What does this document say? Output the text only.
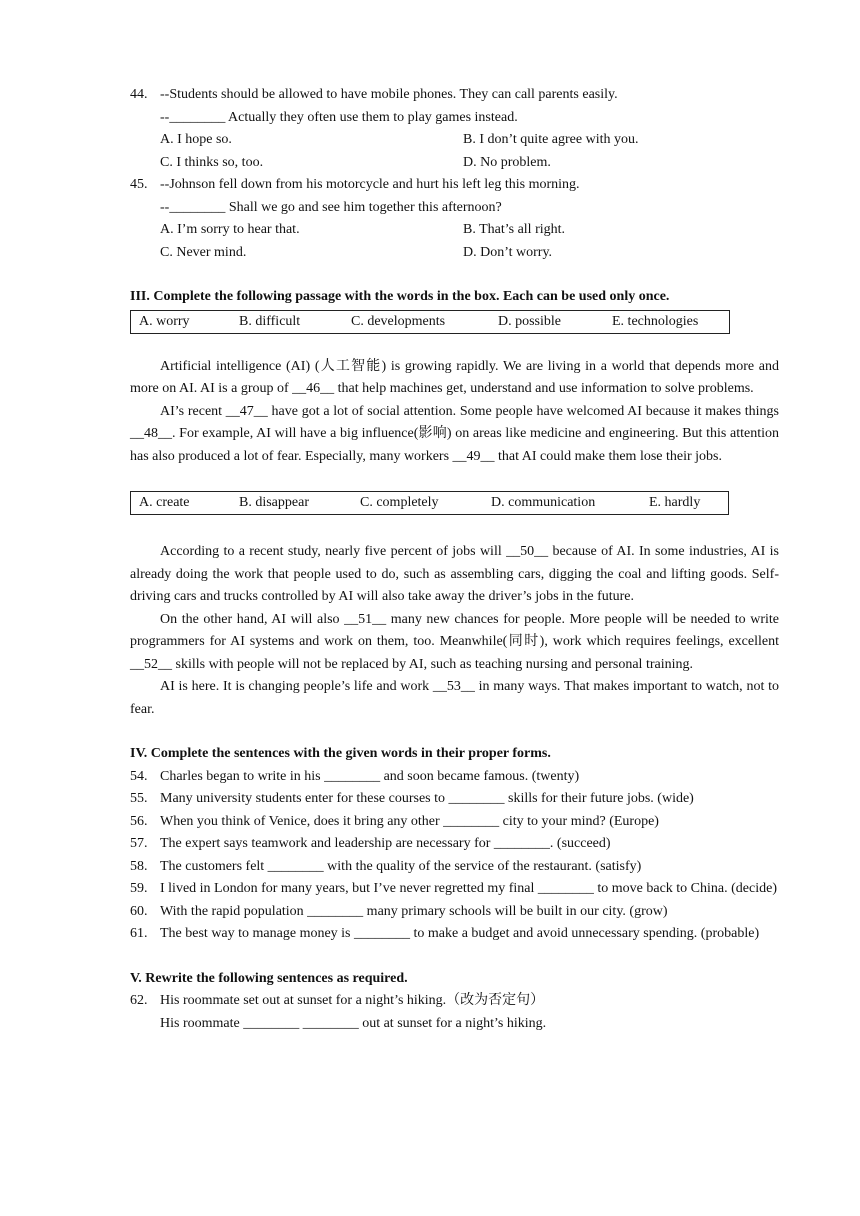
44. --Students should be allowed to have mobile phones. They can call parents easily.
--________ Actually they often use them to play games instead.
A. I hope so.	B. I don’t quite agree with you.
C. I thinks so, too.	D. No problem.
45. --Johnson fell down from his motorcycle and hurt his left leg this morning.
--________ Shall we go and see him together this afternoon?
A. I’m sorry to hear that.	B. That’s all right.
C. Never mind.	D. Don’t worry.
III. Complete the following passage with the words in the box. Each can be used only once.
A. worry	B. difficult	C. developments	D. possible	E. technologies
Artificial intelligence (AI) (人工智能) is growing rapidly. We are living in a world that depends more and more on AI. AI is a group of __46__ that help machines get, understand and use information to solve problems.
AI’s recent __47__ have got a lot of social attention. Some people have welcomed AI because it makes things __48__. For example, AI will have a big influence(影响) on areas like medicine and engineering. But this attention has also produced a lot of fear. Especially, many workers __49__ that AI could make them lose their jobs.
A. create	B. disappear	C. completely	D. communication	E. hardly
According to a recent study, nearly five percent of jobs will __50__ because of AI. In some industries, AI is already doing the work that people used to do, such as assembling cars, digging the coal and lifting goods. Self-driving cars and trucks controlled by AI will also take away the driver’s jobs in the future.
On the other hand, AI will also __51__ many new chances for people. More people will be needed to write programmers for AI systems and work on them, too. Meanwhile(同时), work which requires feelings, excellent __52__ skills with people will not be replaced by AI, such as teaching nursing and personal training.
AI is here. It is changing people’s life and work __53__ in many ways. That makes important to watch, not to fear.
IV. Complete the sentences with the given words in their proper forms.
54. Charles began to write in his ________ and soon became famous. (twenty)
55. Many university students enter for these courses to ________ skills for their future jobs. (wide)
56. When you think of Venice, does it bring any other ________ city to your mind? (Europe)
57. The expert says teamwork and leadership are necessary for ________. (succeed)
58. The customers felt ________ with the quality of the service of the restaurant. (satisfy)
59. I lived in London for many years, but I’ve never regretted my final ________ to move back to China. (decide)
60. With the rapid population ________ many primary schools will be built in our city. (grow)
61. The best way to manage money is ________ to make a budget and avoid unnecessary spending. (probable)
V. Rewrite the following sentences as required.
62. His roommate set out at sunset for a night’s hiking.（改为否定句）
His roommate ________ ________ out at sunset for a night’s hiking.
